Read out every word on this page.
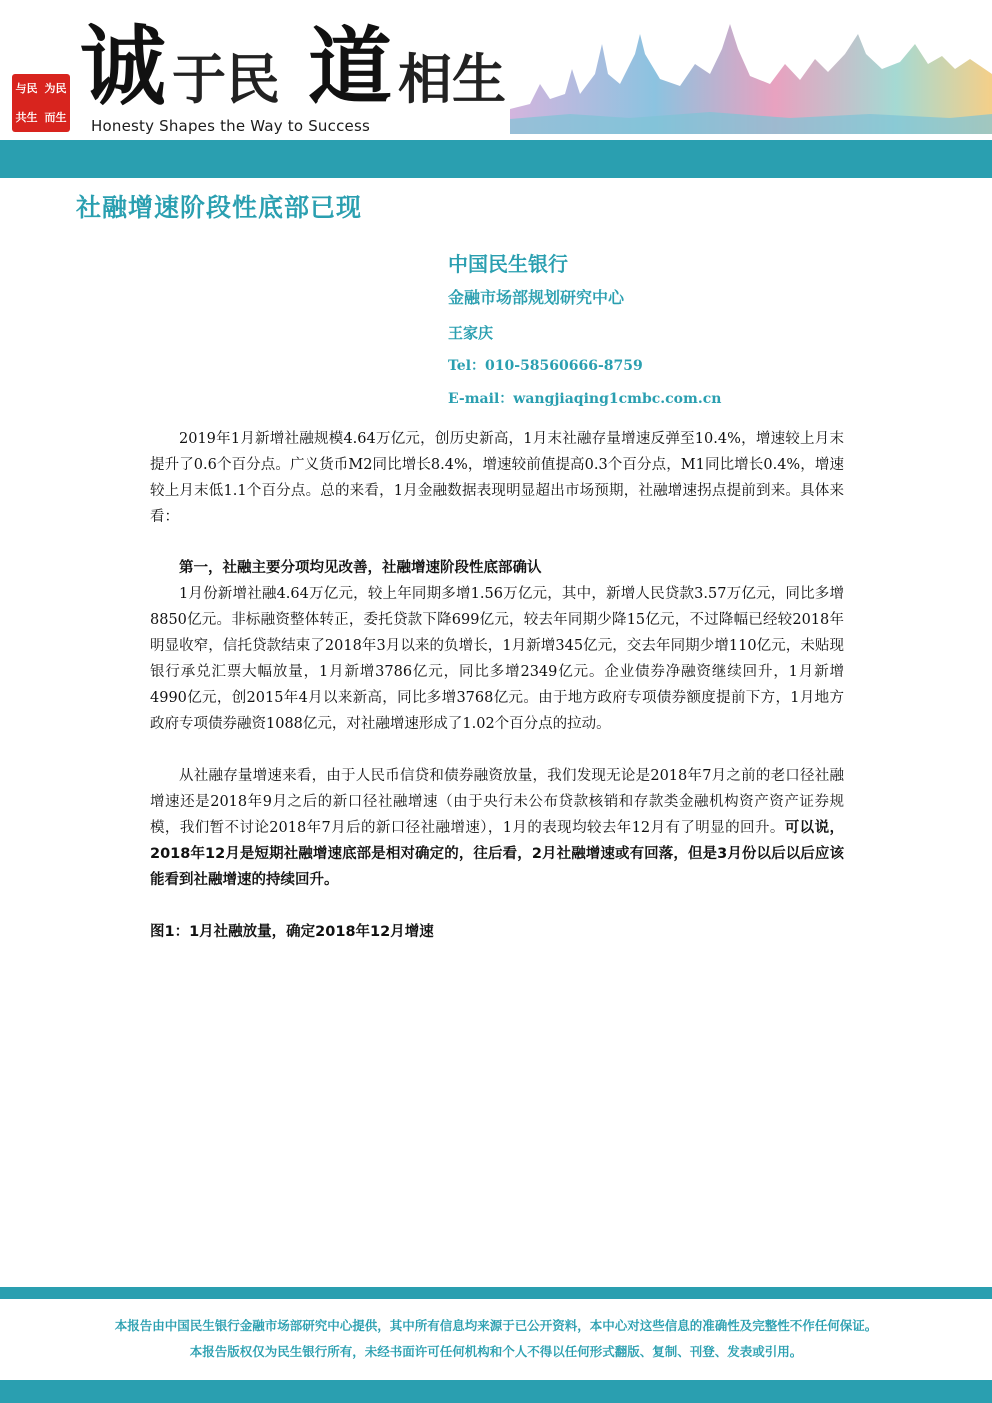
与民 为民
共生 而生 诚 于民 道 相生
Honesty Shapes the Way to Success
社融增速阶段性底部已现
中国民生银行
金融市场部规划研究中心
王家庆
Tel：010-58560666-8759
E-mail：wangjiaqing1cmbc.com.cn
2019年1月新增社融规模4.64万亿元，创历史新高，1月末社融存量增速反弹至10.4%，增速较上月末提升了0.6个百分点。广义货币M2同比增长8.4%，增速较前值提高0.3个百分点，M1同比增长0.4%，增速较上月末低1.1个百分点。总的来看，1月金融数据表现明显超出市场预期，社融增速拐点提前到来。具体来看：
第一，社融主要分项均见改善，社融增速阶段性底部确认
1月份新增社融4.64万亿元，较上年同期多增1.56万亿元，其中，新增人民贷款3.57万亿元，同比多增8850亿元。非标融资整体转正，委托贷款下降699亿元，较去年同期少降15亿元，不过降幅已经较2018年明显收窄，信托贷款结束了2018年3月以来的负增长，1月新增345亿元，交去年同期少增110亿元，未贴现银行承兑汇票大幅放量，1月新增3786亿元，同比多增2349亿元。企业债券净融资继续回升，1月新增4990亿元，创2015年4月以来新高，同比多增3768亿元。由于地方政府专项债券额度提前下方，1月地方政府专项债券融资1088亿元，对社融增速形成了1.02个百分点的拉动。
从社融存量增速来看，由于人民币信贷和债券融资放量，我们发现无论是2018年7月之前的老口径社融增速还是2018年9月之后的新口径社融增速（由于央行未公布贷款核销和存款类金融机构资产资产证券规模，我们暂不讨论2018年7月后的新口径社融增速），1月的表现均较去年12月有了明显的回升。可以说，2018年12月是短期社融增速底部是相对确定的，往后看，2月社融增速或有回落，但是3月份以后以后应该能看到社融增速的持续回升。
图1：1月社融放量，确定2018年12月增速
本报告由中国民生银行金融市场部研究中心提供，其中所有信息均来源于已公开资料，本中心对这些信息的准确性及完整性不作任何保证。
本报告版权仅为民生银行所有，未经书面许可任何机构和个人不得以任何形式翻版、复制、刊登、发表或引用。
